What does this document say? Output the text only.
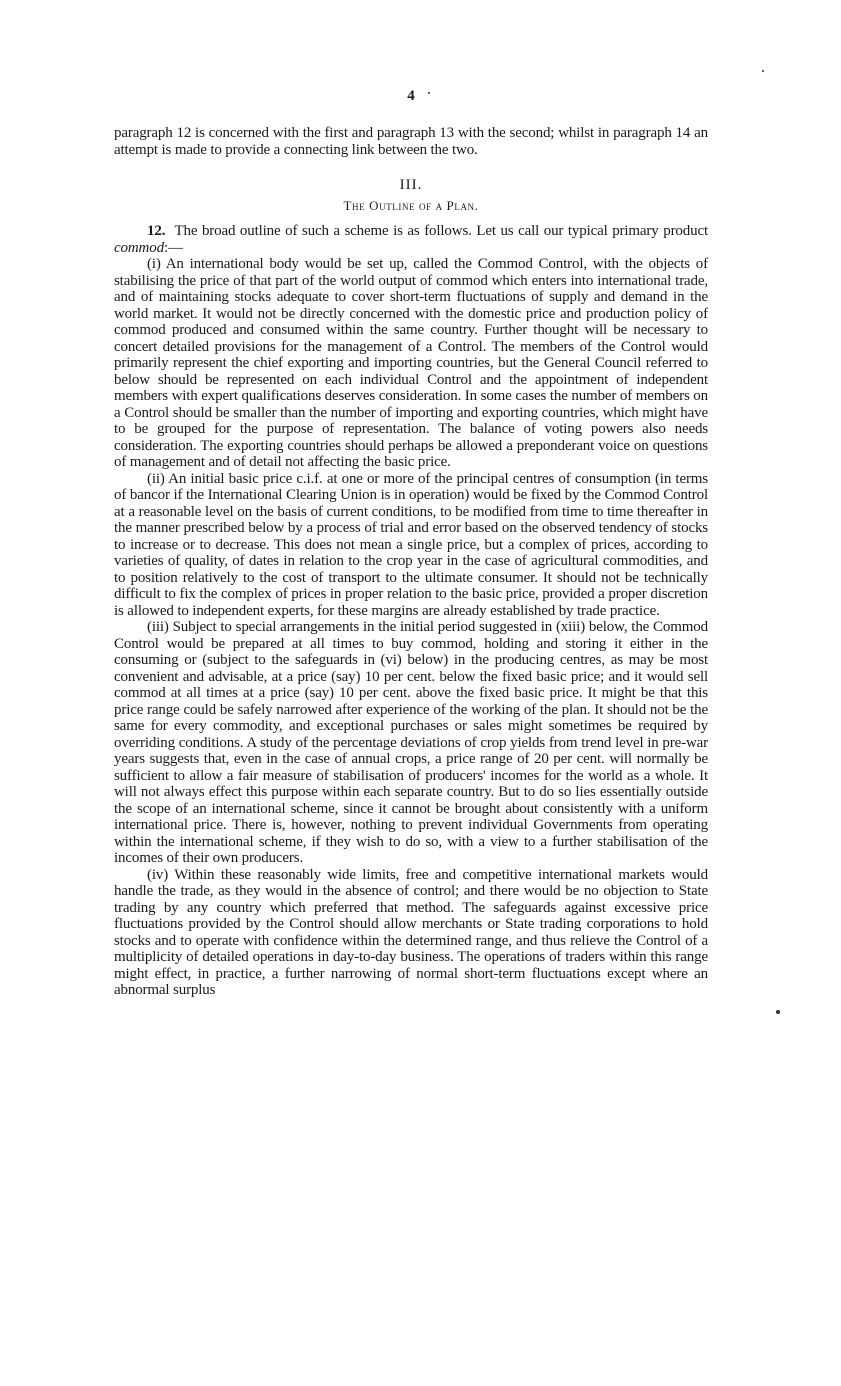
4

paragraph 12 is concerned with the first and paragraph 13 with the second; whilst in paragraph 14 an attempt is made to provide a connecting link between the two.

III.
The Outline of a Plan.

12. The broad outline of such a scheme is as follows. Let us call our typical primary product commod:—

(i) An international body would be set up, called the Commod Control, with the objects of stabilising the price of that part of the world output of commod which enters into international trade, and of maintaining stocks adequate to cover short-term fluctuations of supply and demand in the world market. It would not be directly concerned with the domestic price and production policy of commod produced and consumed within the same country. Further thought will be necessary to concert detailed provisions for the management of a Control. The members of the Control would primarily represent the chief exporting and importing countries, but the General Council referred to below should be represented on each individual Control and the appointment of independent members with expert qualifications deserves consideration. In some cases the number of members on a Control should be smaller than the number of importing and exporting countries, which might have to be grouped for the purpose of representation. The balance of voting powers also needs consideration. The exporting countries should perhaps be allowed a preponderant voice on questions of management and of detail not affecting the basic price.

(ii) An initial basic price c.i.f. at one or more of the principal centres of consumption (in terms of bancor if the International Clearing Union is in operation) would be fixed by the Commod Control at a reasonable level on the basis of current conditions, to be modified from time to time thereafter in the manner prescribed below by a process of trial and error based on the observed tendency of stocks to increase or to decrease. This does not mean a single price, but a complex of prices, according to varieties of quality, of dates in relation to the crop year in the case of agricultural commodities, and to position relatively to the cost of transport to the ultimate consumer. It should not be technically difficult to fix the complex of prices in proper relation to the basic price, provided a proper discretion is allowed to independent experts, for these margins are already established by trade practice.

(iii) Subject to special arrangements in the initial period suggested in (xiii) below, the Commod Control would be prepared at all times to buy commod, holding and storing it either in the consuming or (subject to the safeguards in (vi) below) in the producing centres, as may be most convenient and advisable, at a price (say) 10 per cent. below the fixed basic price; and it would sell commod at all times at a price (say) 10 per cent. above the fixed basic price. It might be that this price range could be safely narrowed after experience of the working of the plan. It should not be the same for every commodity, and exceptional purchases or sales might sometimes be required by overriding conditions. A study of the percentage deviations of crop yields from trend level in pre-war years suggests that, even in the case of annual crops, a price range of 20 per cent. will normally be sufficient to allow a fair measure of stabilisation of producers' incomes for the world as a whole. It will not always effect this purpose within each separate country. But to do so lies essentially outside the scope of an international scheme, since it cannot be brought about consistently with a uniform international price. There is, however, nothing to prevent individual Governments from operating within the international scheme, if they wish to do so, with a view to a further stabilisation of the incomes of their own producers.

(iv) Within these reasonably wide limits, free and competitive international markets would handle the trade, as they would in the absence of control; and there would be no objection to State trading by any country which preferred that method. The safeguards against excessive price fluctuations provided by the Control should allow merchants or State trading corporations to hold stocks and to operate with confidence within the determined range, and thus relieve the Control of a multiplicity of detailed operations in day-to-day business. The operations of traders within this range might effect, in practice, a further narrowing of normal short-term fluctuations except where an abnormal surplus
